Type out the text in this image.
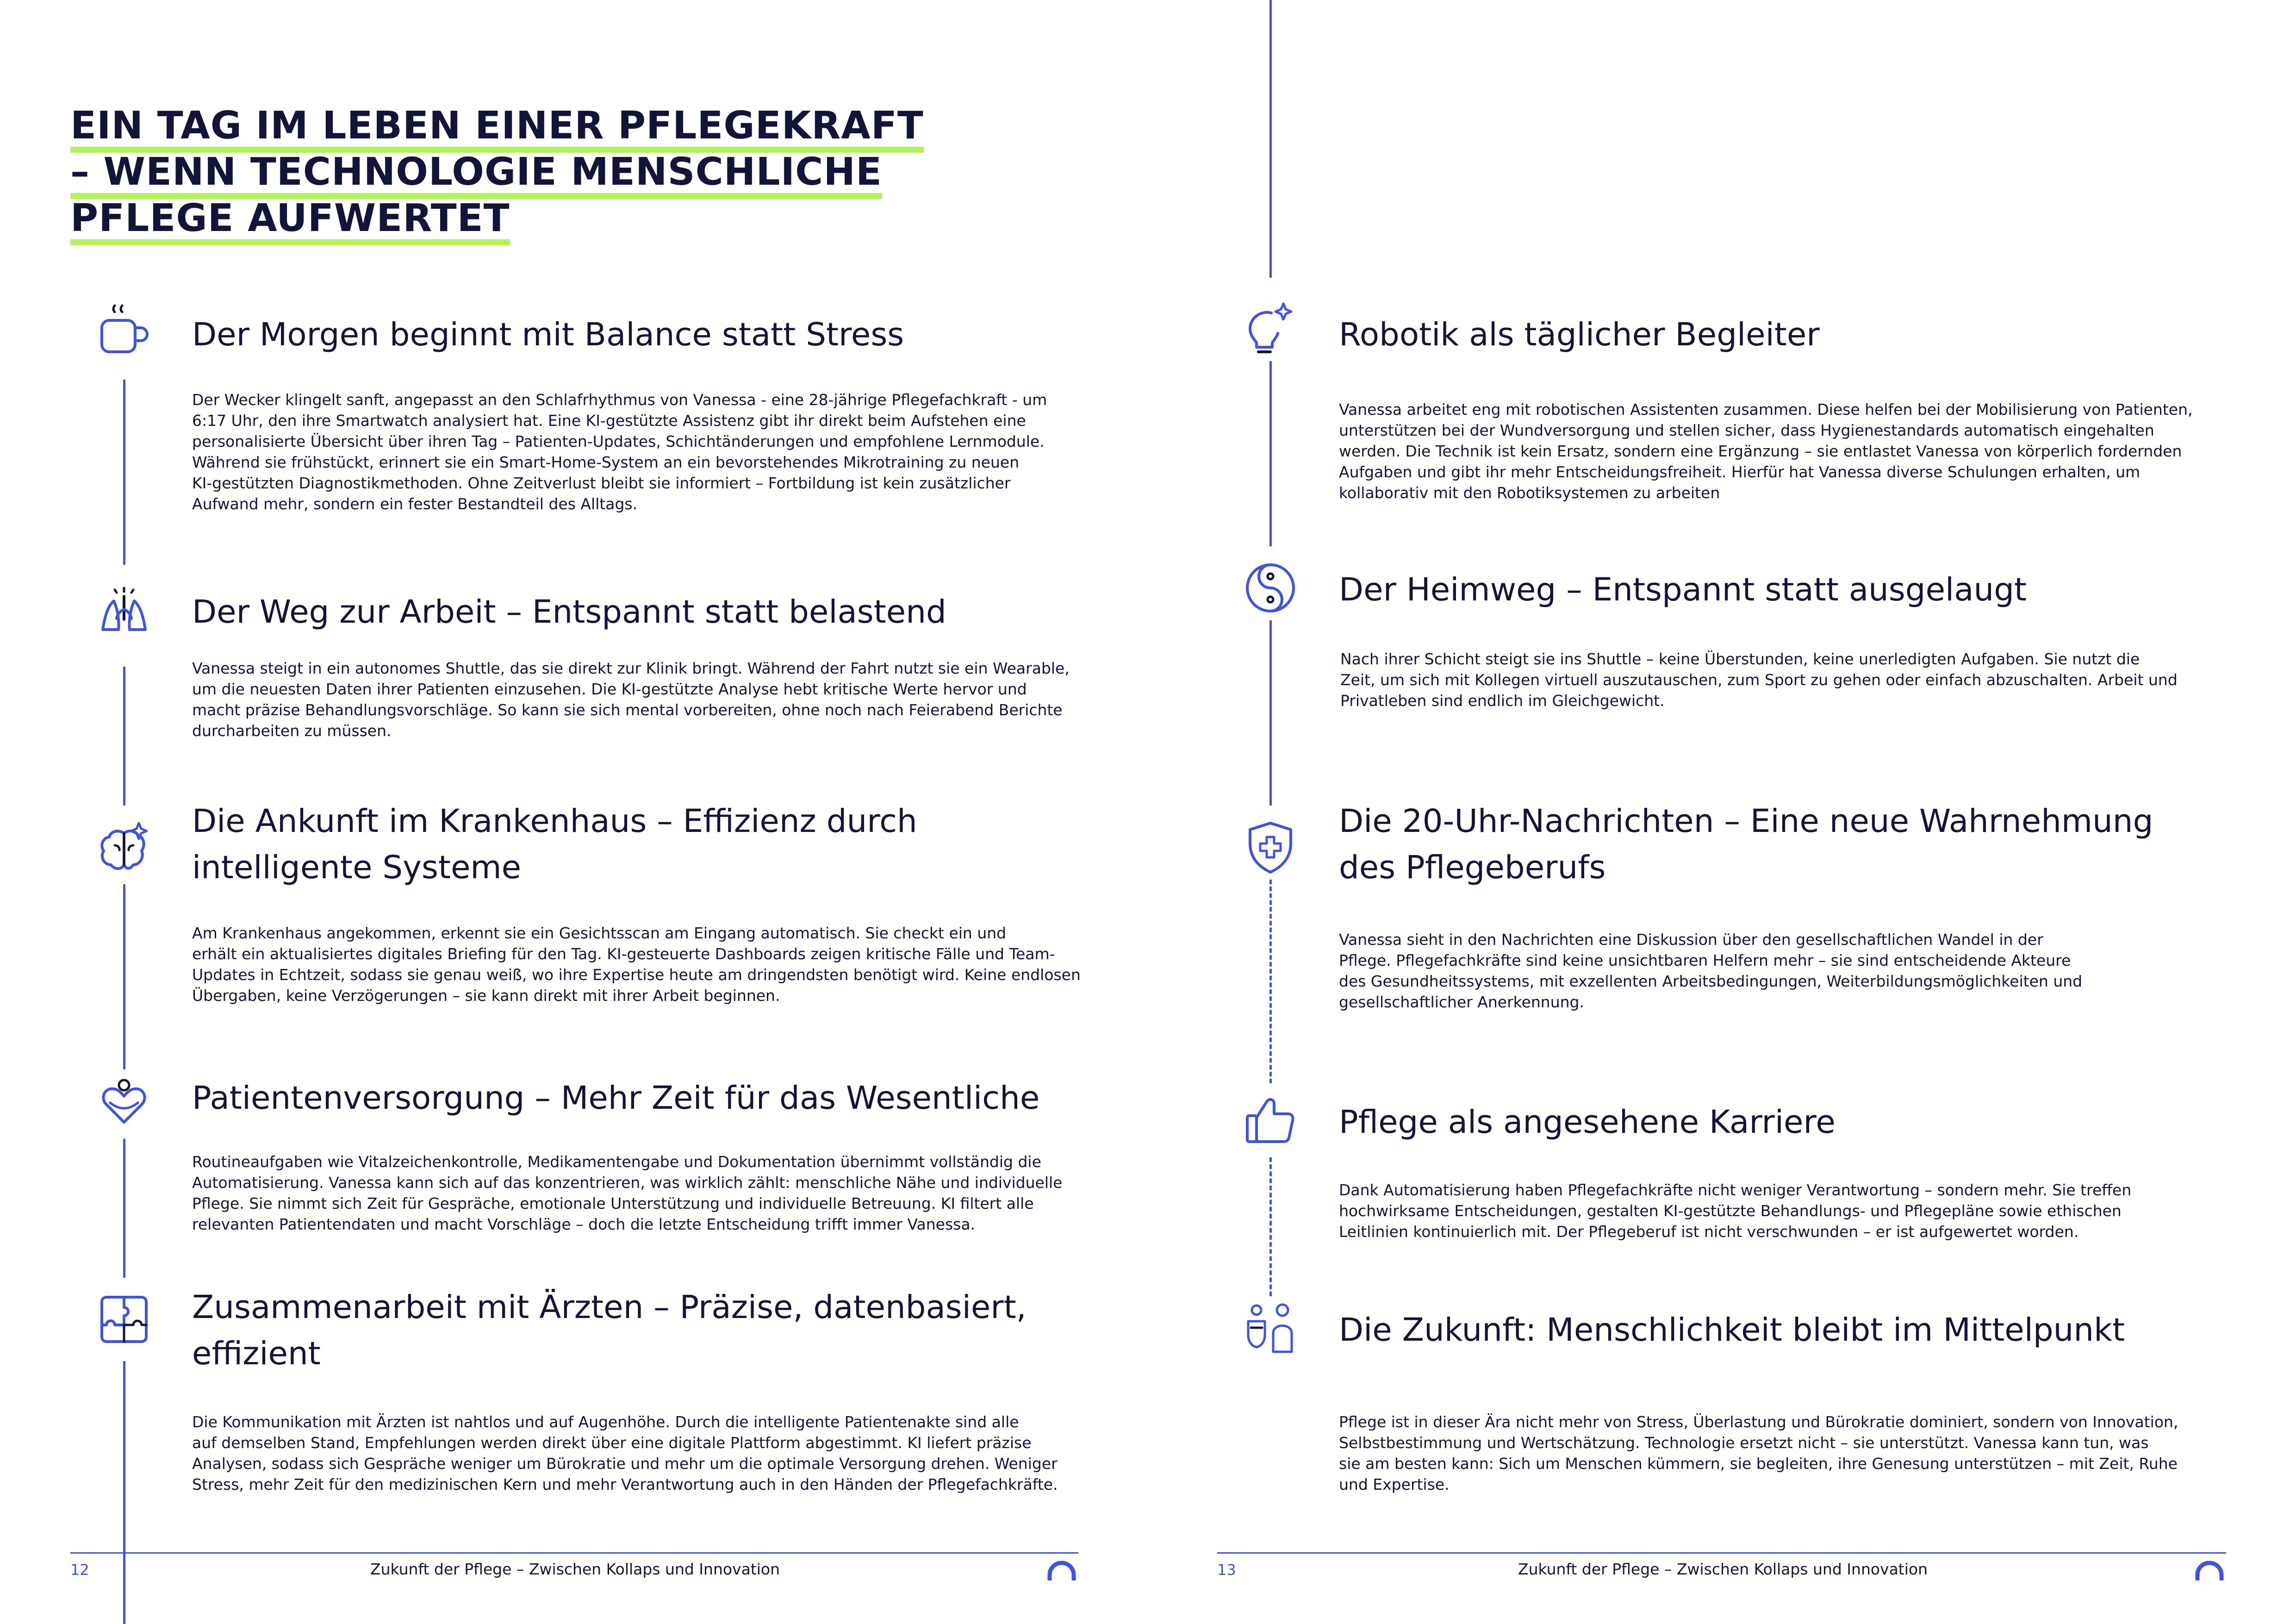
EIN TAG IM LEBEN EINER PFLEGEKRAFT
– WENN TECHNOLOGIE MENSCHLICHE
PFLEGE AUFWERTET
Der Morgen beginnt mit Balance statt Stress
Der Wecker klingelt sanft, angepasst an den Schlafrhythmus von Vanessa - eine 28-jährige Pflegefachkraft - um
6:17 Uhr, den ihre Smartwatch analysiert hat. Eine KI-gestützte Assistenz gibt ihr direkt beim Aufstehen eine
personalisierte Übersicht über ihren Tag – Patienten-Updates, Schichtänderungen und empfohlene Lernmodule.
Während sie frühstückt, erinnert sie ein Smart-Home-System an ein bevorstehendes Mikrotraining zu neuen
KI-gestützten Diagnostikmethoden. Ohne Zeitverlust bleibt sie informiert – Fortbildung ist kein zusätzlicher
Aufwand mehr, sondern ein fester Bestandteil des Alltags.
Der Weg zur Arbeit – Entspannt statt belastend
Vanessa steigt in ein autonomes Shuttle, das sie direkt zur Klinik bringt. Während der Fahrt nutzt sie ein Wearable,
um die neuesten Daten ihrer Patienten einzusehen. Die KI-gestützte Analyse hebt kritische Werte hervor und
macht präzise Behandlungsvorschläge. So kann sie sich mental vorbereiten, ohne noch nach Feierabend Berichte
durcharbeiten zu müssen.
Die Ankunft im Krankenhaus – Effizienz durch
intelligente Systeme
Am Krankenhaus angekommen, erkennt sie ein Gesichtsscan am Eingang automatisch. Sie checkt ein und
erhält ein aktualisiertes digitales Briefing für den Tag. KI-gesteuerte Dashboards zeigen kritische Fälle und Team-
Updates in Echtzeit, sodass sie genau weiß, wo ihre Expertise heute am dringendsten benötigt wird. Keine endlosen
Übergaben, keine Verzögerungen – sie kann direkt mit ihrer Arbeit beginnen.
Patientenversorgung – Mehr Zeit für das Wesentliche
Routineaufgaben wie Vitalzeichenkontrolle, Medikamentengabe und Dokumentation übernimmt vollständig die
Automatisierung. Vanessa kann sich auf das konzentrieren, was wirklich zählt: menschliche Nähe und individuelle
Pflege. Sie nimmt sich Zeit für Gespräche, emotionale Unterstützung und individuelle Betreuung. KI filtert alle
relevanten Patientendaten und macht Vorschläge – doch die letzte Entscheidung trifft immer Vanessa.
Zusammenarbeit mit Ärzten – Präzise, datenbasiert,
effizient
Die Kommunikation mit Ärzten ist nahtlos und auf Augenhöhe. Durch die intelligente Patientenakte sind alle
auf demselben Stand, Empfehlungen werden direkt über eine digitale Plattform abgestimmt. KI liefert präzise
Analysen, sodass sich Gespräche weniger um Bürokratie und mehr um die optimale Versorgung drehen. Weniger
Stress, mehr Zeit für den medizinischen Kern und mehr Verantwortung auch in den Händen der Pflegefachkräfte.
Robotik als täglicher Begleiter
Vanessa arbeitet eng mit robotischen Assistenten zusammen. Diese helfen bei der Mobilisierung von Patienten,
unterstützen bei der Wundversorgung und stellen sicher, dass Hygienestandards automatisch eingehalten
werden. Die Technik ist kein Ersatz, sondern eine Ergänzung – sie entlastet Vanessa von körperlich fordernden
Aufgaben und gibt ihr mehr Entscheidungsfreiheit. Hierfür hat Vanessa diverse Schulungen erhalten, um
kollaborativ mit den Robotiksystemen zu arbeiten
Der Heimweg – Entspannt statt ausgelaugt
Nach ihrer Schicht steigt sie ins Shuttle – keine Überstunden, keine unerledigten Aufgaben. Sie nutzt die
Zeit, um sich mit Kollegen virtuell auszutauschen, zum Sport zu gehen oder einfach abzuschalten. Arbeit und
Privatleben sind endlich im Gleichgewicht.
Die 20-Uhr-Nachrichten – Eine neue Wahrnehmung
des Pflegeberufs
Vanessa sieht in den Nachrichten eine Diskussion über den gesellschaftlichen Wandel in der
Pflege. Pflegefachkräfte sind keine unsichtbaren Helfern mehr – sie sind entscheidende Akteure
des Gesundheitssystems, mit exzellenten Arbeitsbedingungen, Weiterbildungsmöglichkeiten und
gesellschaftlicher Anerkennung.
Pflege als angesehene Karriere
Dank Automatisierung haben Pflegefachkräfte nicht weniger Verantwortung – sondern mehr. Sie treffen
hochwirksame Entscheidungen, gestalten KI-gestützte Behandlungs- und Pflegepläne sowie ethischen
Leitlinien kontinuierlich mit. Der Pflegeberuf ist nicht verschwunden – er ist aufgewertet worden.
Die Zukunft: Menschlichkeit bleibt im Mittelpunkt
Pflege ist in dieser Ära nicht mehr von Stress, Überlastung und Bürokratie dominiert, sondern von Innovation,
Selbstbestimmung und Wertschätzung. Technologie ersetzt nicht – sie unterstützt. Vanessa kann tun, was
sie am besten kann: Sich um Menschen kümmern, sie begleiten, ihre Genesung unterstützen – mit Zeit, Ruhe
und Expertise.
12	Zukunft der Pflege – Zwischen Kollaps und Innovation	13	Zukunft der Pflege – Zwischen Kollaps und Innovation
